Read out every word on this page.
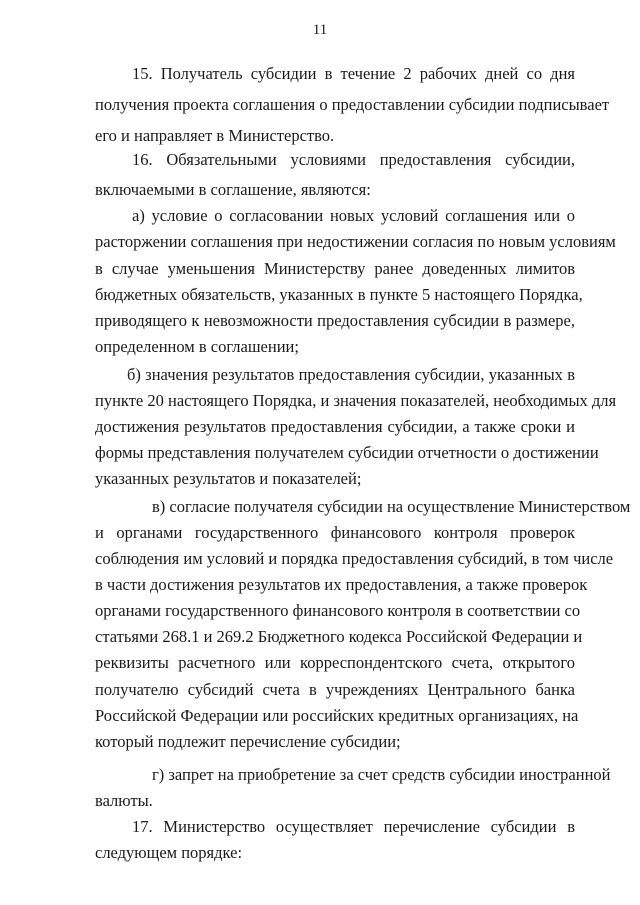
11
15. Получатель субсидии в течение 2 рабочих дней со дня
получения проекта соглашения о предоставлении субсидии подписывает
его и направляет в Министерство.
16. Обязательными условиями предоставления субсидии,
включаемыми в соглашение, являются:
а) условие о согласовании новых условий соглашения или о
расторжении соглашения при недостижении согласия по новым условиям
в случае уменьшения Министерству ранее доведенных лимитов
бюджетных обязательств, указанных в пункте 5 настоящего Порядка,
приводящего к невозможности предоставления субсидии в размере,
определенном в соглашении;
б) значения результатов предоставления субсидии, указанных в
пункте 20 настоящего Порядка, и значения показателей, необходимых для
достижения результатов предоставления субсидии, а также сроки и
формы представления получателем субсидии отчетности о достижении
указанных результатов и показателей;
в) согласие получателя субсидии на осуществление Министерством
и органами государственного финансового контроля проверок
соблюдения им условий и порядка предоставления субсидий, в том числе
в части достижения результатов их предоставления, а также проверок
органами государственного финансового контроля в соответствии со
статьями 268.1 и 269.2 Бюджетного кодекса Российской Федерации и
реквизиты расчетного или корреспондентского счета, открытого
получателю субсидий счета в учреждениях Центрального банка
Российской Федерации или российских кредитных организациях, на
который подлежит перечисление субсидии;
г) запрет на приобретение за счет средств субсидии иностранной
валюты.
17. Министерство осуществляет перечисление субсидии в
следующем порядке:
